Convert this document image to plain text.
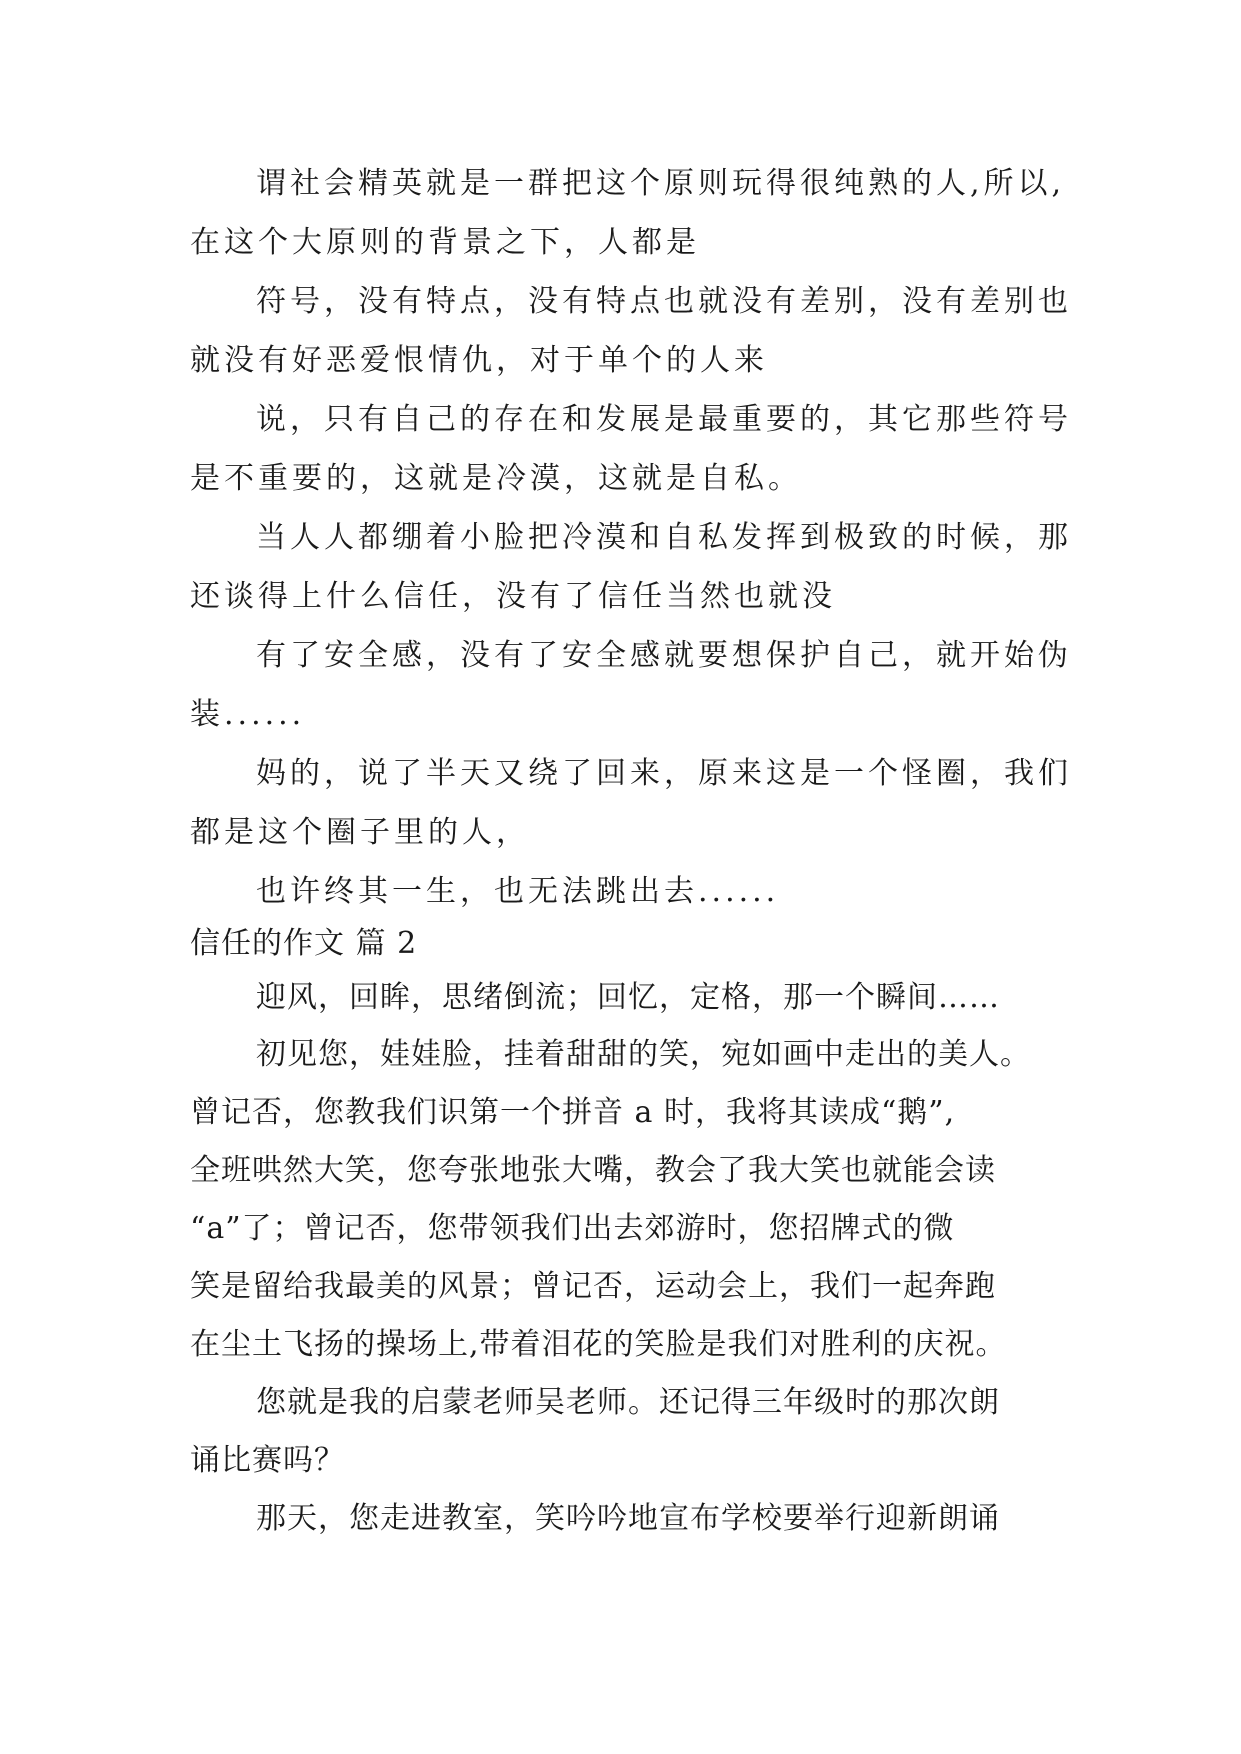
谓社会精英就是一群把这个原则玩得很纯熟的人,所以,

在这个大原则的背景之下，人都是

符号，没有特点，没有特点也就没有差别，没有差别也

就没有好恶爱恨情仇，对于单个的人来

说，只有自己的存在和发展是最重要的，其它那些符号

是不重要的，这就是冷漠，这就是自私。

当人人都绷着小脸把冷漠和自私发挥到极致的时候，那

还谈得上什么信任，没有了信任当然也就没

有了安全感，没有了安全感就要想保护自己，就开始伪

装......

妈的，说了半天又绕了回来，原来这是一个怪圈，我们

都是这个圈子里的人，

也许终其一生，也无法跳出去......

信任的作文 篇 2

迎风，回眸，思绪倒流；回忆，定格，那一个瞬间……

初见您，娃娃脸，挂着甜甜的笑，宛如画中走出的美人。

曾记否，您教我们识第一个拼音 a 时，我将其读成“鹅”,

全班哄然大笑，您夸张地张大嘴，教会了我大笑也就能会读

“a”了；曾记否，您带领我们出去郊游时，您招牌式的微

笑是留给我最美的风景；曾记否，运动会上，我们一起奔跑

在尘土飞扬的操场上,带着泪花的笑脸是我们对胜利的庆祝。

您就是我的启蒙老师吴老师。还记得三年级时的那次朗

诵比赛吗？

那天，您走进教室，笑吟吟地宣布学校要举行迎新朗诵
